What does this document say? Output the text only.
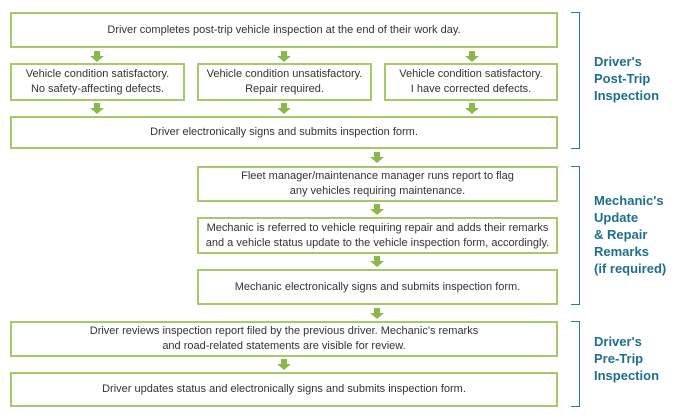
Driver completes post-trip vehicle inspection at the end of their work day.
Vehicle condition satisfactory.
No safety-affecting defects.
Vehicle condition unsatisfactory.
Repair required.
Vehicle condition satisfactory.
I have corrected defects.
Driver electronically signs and submits inspection form.
Fleet manager/maintenance manager runs report to flag
any vehicles requiring maintenance.
Mechanic is referred to vehicle requiring repair and adds their remarks
and a vehicle status update to the vehicle inspection form, accordingly.
Mechanic electronically signs and submits inspection form.
Driver reviews inspection report filed by the previous driver. Mechanic's remarks
and road-related statements are visible for review.
Driver updates status and electronically signs and submits inspection form.
Driver's
Post-Trip
Inspection
Mechanic's
Update
& Repair
Remarks
(if required)
Driver's
Pre-Trip
Inspection
